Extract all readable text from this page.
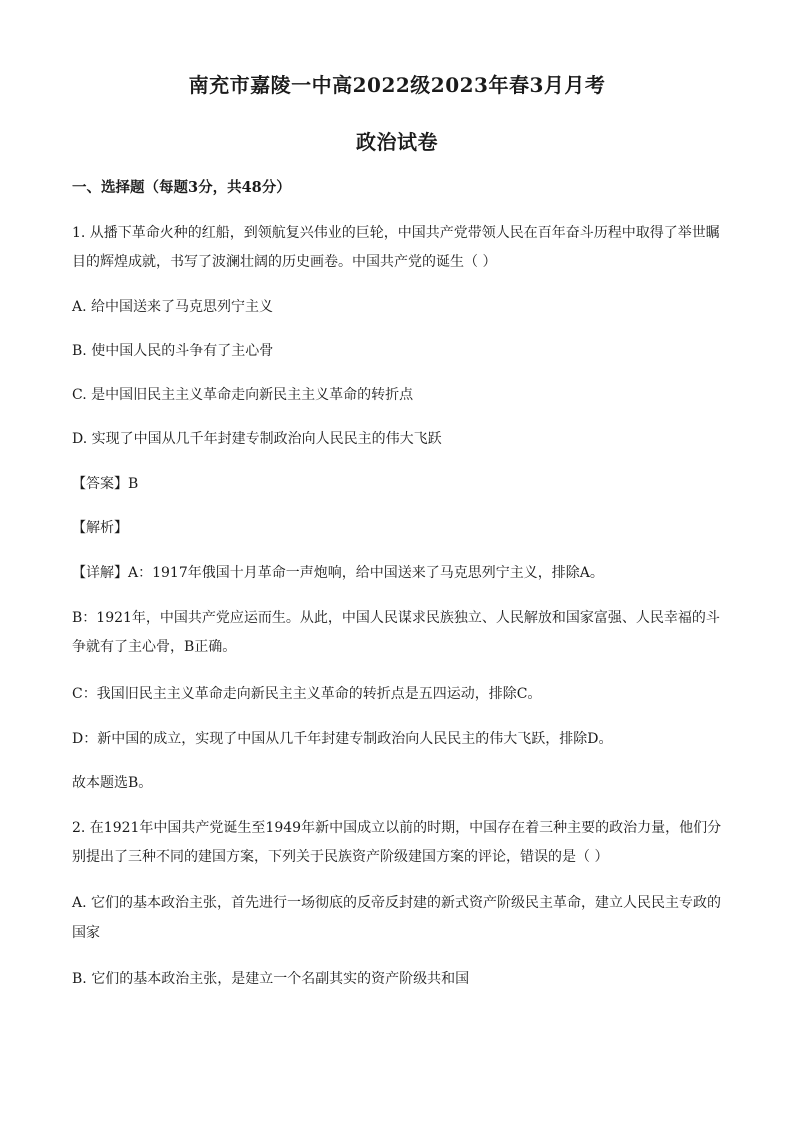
南充市嘉陵一中高2022级2023年春3月月考
政治试卷
一、选择题（每题3分，共48分）
1. 从播下革命火种的红船，到领航复兴伟业的巨轮，中国共产党带领人民在百年奋斗历程中取得了举世瞩
目的辉煌成就，书写了波澜壮阔的历史画卷。中国共产党的诞生（ ）
A. 给中国送来了马克思列宁主义
B. 使中国人民的斗争有了主心骨
C. 是中国旧民主主义革命走向新民主主义革命的转折点
D. 实现了中国从几千年封建专制政治向人民民主的伟大飞跃
【答案】B
【解析】
【详解】A：1917年俄国十月革命一声炮响，给中国送来了马克思列宁主义，排除A。
B：1921年，中国共产党应运而生。从此，中国人民谋求民族独立、人民解放和国家富强、人民幸福的斗
争就有了主心骨，B正确。
C：我国旧民主主义革命走向新民主主义革命的转折点是五四运动，排除C。
D：新中国的成立，实现了中国从几千年封建专制政治向人民民主的伟大飞跃，排除D。
故本题选B。
2. 在1921年中国共产党诞生至1949年新中国成立以前的时期，中国存在着三种主要的政治力量，他们分
别提出了三种不同的建国方案，下列关于民族资产阶级建国方案的评论，错误的是（ ）
A. 它们的基本政治主张，首先进行一场彻底的反帝反封建的新式资产阶级民主革命，建立人民民主专政的
国家
B. 它们的基本政治主张，是建立一个名副其实的资产阶级共和国
